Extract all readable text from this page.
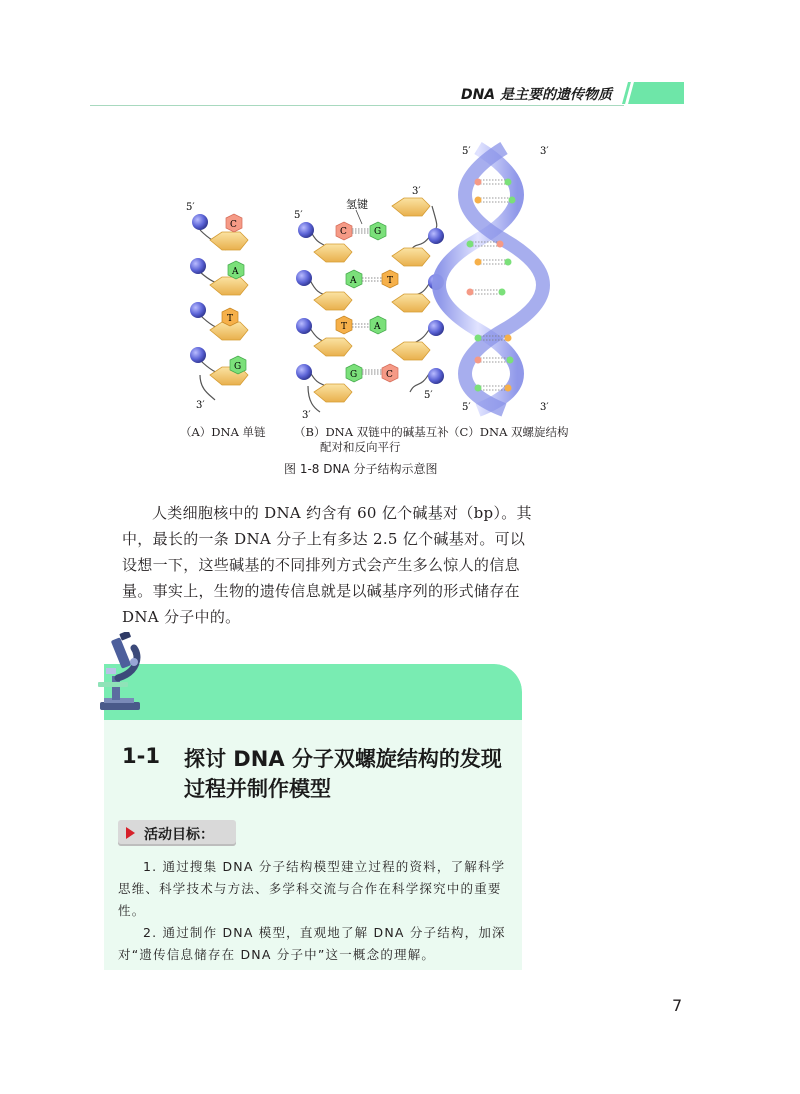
DNA 是主要的遗传物质
5′
3′
C
A
T
G
氢键
5′
3′
3′
5′
C	G
A	T
T	A
G	C
5′	3′
5′	3′
（A）DNA 单链 （B）DNA 双链中的碱基互补
配对和反向平行
（C）DNA 双螺旋结构
图 1-8 DNA 分子结构示意图

人类细胞核中的 DNA 约含有 60 亿个碱基对（bp）。其中，最长的一条 DNA 分子上有多达 2.5 亿个碱基对。可以设想一下，这些碱基的不同排列方式会产生多么惊人的信息量。事实上，生物的遗传信息就是以碱基序列的形式储存在 DNA 分子中的。

1-1 探讨 DNA 分子双螺旋结构的发现过程并制作模型
活动目标：

1. 通过搜集 DNA 分子结构模型建立过程的资料，了解科学思维、科学技术与方法、多学科交流与合作在科学探究中的重要性。

2. 通过制作 DNA 模型，直观地了解 DNA 分子结构，加深对“遗传信息储存在 DNA 分子中”这一概念的理解。

7
